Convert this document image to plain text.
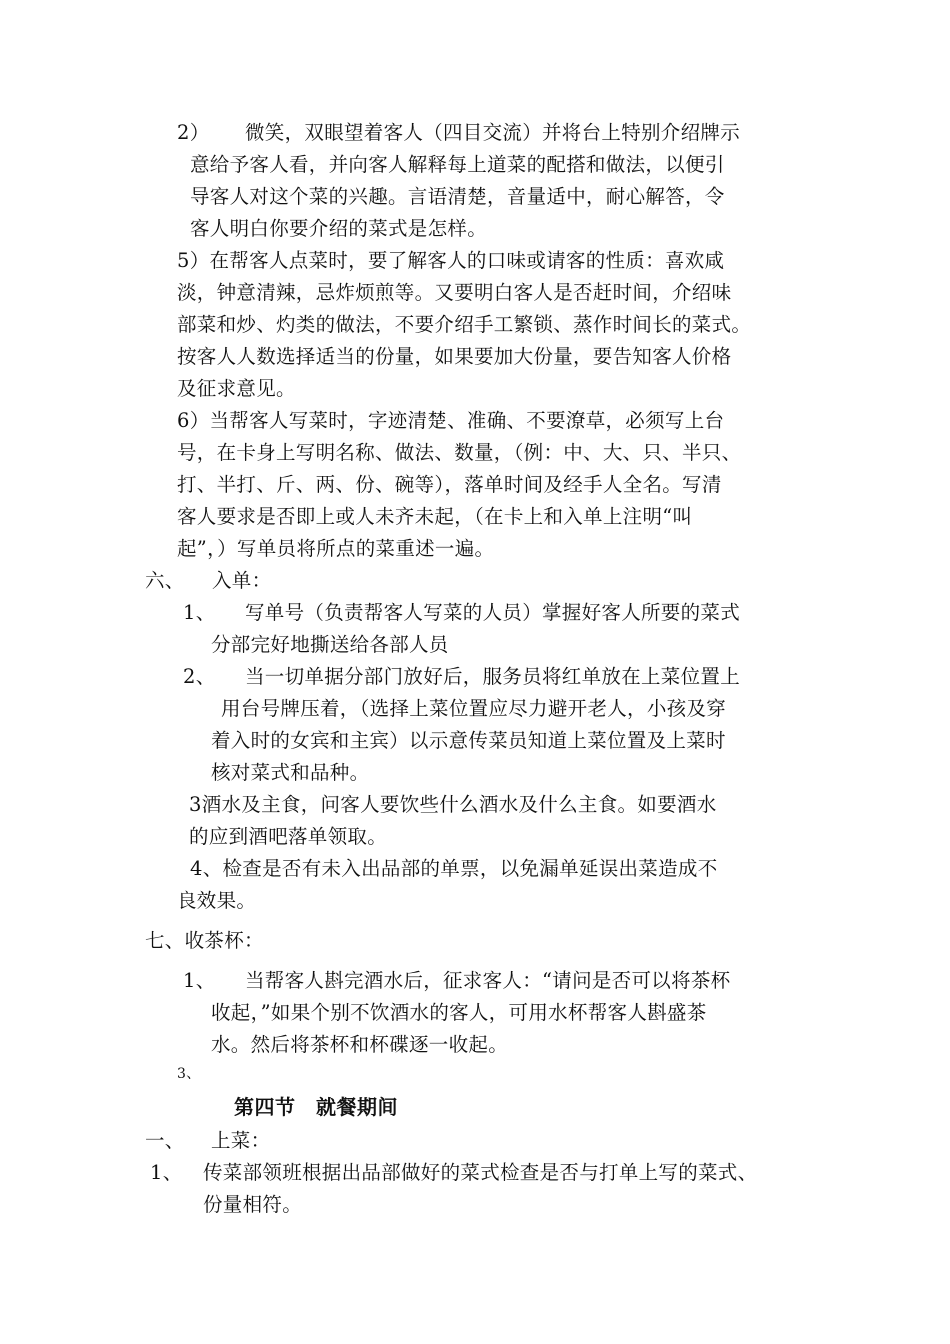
2） 微笑，双眼望着客人（四目交流）并将台上特别介绍牌示
意给予客人看，并向客人解释每上道菜的配搭和做法，以便引
导客人对这个菜的兴趣。言语清楚，音量适中，耐心解答，令
客人明白你要介绍的菜式是怎样。
5）在帮客人点菜时，要了解客人的口味或请客的性质：喜欢咸
淡，钟意清辣，忌炸烦煎等。又要明白客人是否赶时间，介绍味
部菜和炒、灼类的做法，不要介绍手工繁锁、蒸作时间长的菜式。
按客人人数选择适当的份量，如果要加大份量，要告知客人价格
及征求意见。
6）当帮客人写菜时，字迹清楚、准确、不要潦草，必须写上台
号，在卡身上写明名称、做法、数量，（例：中、大、只、半只、
打、半打、斤、两、份、碗等），落单时间及经手人全名。写清
客人要求是否即上或人未齐未起，（在卡上和入单上注明“叫
起”，）写单员将所点的菜重述一遍。
六、 入单：
1、 写单号（负责帮客人写菜的人员）掌握好客人所要的菜式
分部完好地撕送给各部人员
2、 当一切单据分部门放好后，服务员将红单放在上菜位置上
用台号牌压着，（选择上菜位置应尽力避开老人，小孩及穿
着入时的女宾和主宾）以示意传菜员知道上菜位置及上菜时
核对菜式和品种。
3酒水及主食，问客人要饮些什么酒水及什么主食。如要酒水
的应到酒吧落单领取。
4、检查是否有未入出品部的单票，以免漏单延误出菜造成不
良效果。
七、收茶杯：
1、 当帮客人斟完酒水后，征求客人：“请问是否可以将茶杯
收起，”如果个别不饮酒水的客人，可用水杯帮客人斟盛茶
水。然后将茶杯和杯碟逐一收起。
3、
第四节　就餐期间
一、 上菜：
1、 传菜部领班根据出品部做好的菜式检查是否与打单上写的菜式、
份量相符。
